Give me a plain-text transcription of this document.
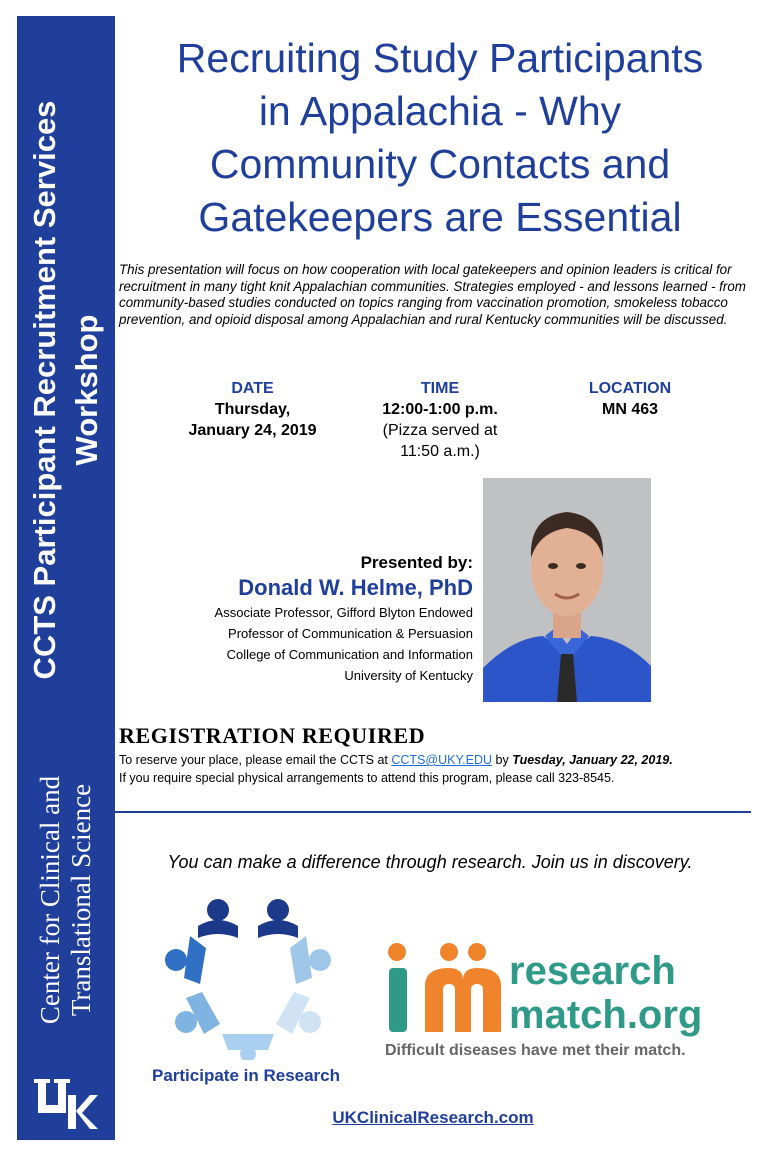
CCTS Participant Recruitment Services Workshop
Center for Clinical and Translational Science
Recruiting Study Participants
in Appalachia - Why
Community Contacts and
Gatekeepers are Essential
This presentation will focus on how cooperation with local gatekeepers and opinion leaders is critical for recruitment in many tight knit Appalachian communities. Strategies employed - and lessons learned - from community-based studies conducted on topics ranging from vaccination promotion, smokeless tobacco prevention, and opioid disposal among Appalachian and rural Kentucky communities will be discussed.
DATE
Thursday,
January 24, 2019
TIME
12:00-1:00 p.m.
(Pizza served at
11:50 a.m.)
LOCATION
MN 463
Presented by:
Donald W. Helme, PhD
Associate Professor, Gifford Blyton Endowed
Professor of Communication & Persuasion
College of Communication and Information
University of Kentucky
REGISTRATION REQUIRED
To reserve your place, please email the CCTS at CCTS@UKY.EDU by Tuesday, January 22, 2019.
If you require special physical arrangements to attend this program, please call 323-8545.
You can make a difference through research. Join us in discovery.
Participate in Research
research
match.org
Difficult diseases have met their match.
UKClinicalResearch.com
